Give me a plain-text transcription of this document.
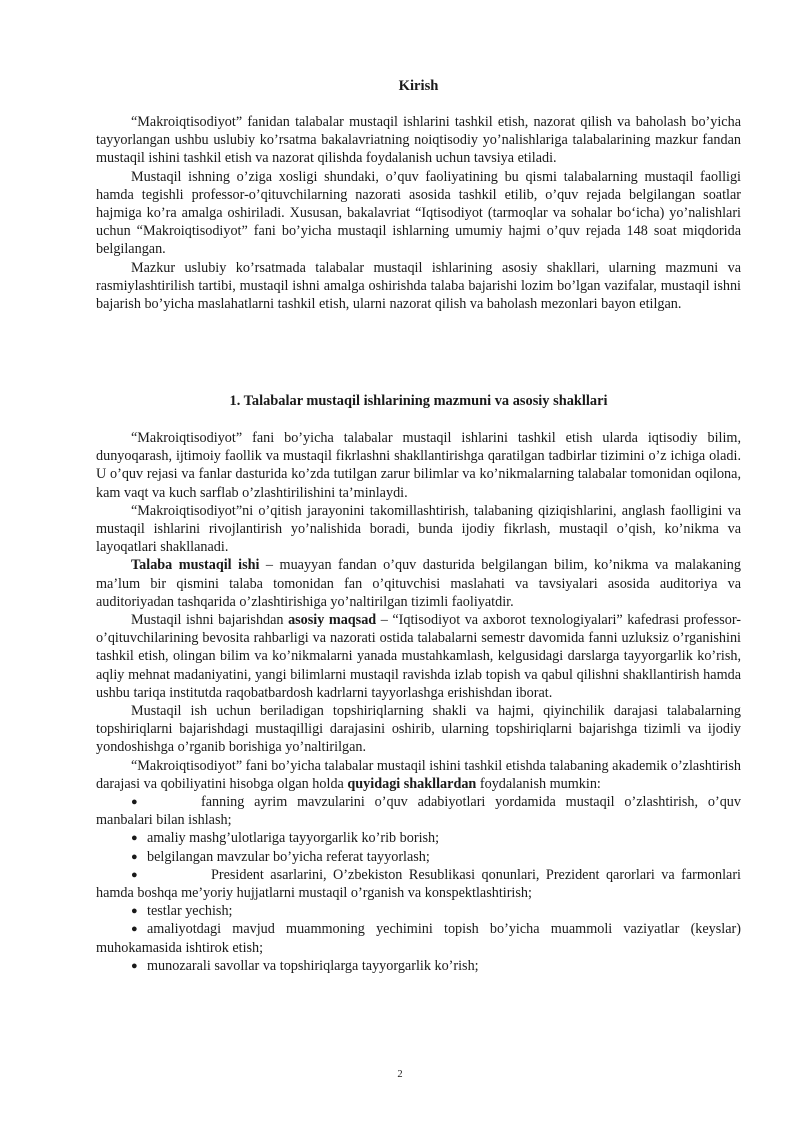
Kirish

“Makroiqtisodiyot” fanidan talabalar mustaqil ishlarini tashkil etish, nazorat qilish va baholash bo’yicha tayyorlangan ushbu uslubiy ko’rsatma bakalavriatning noiqtisodiy yo’nalishlariga talabalarining mazkur fandan mustaqil ishini tashkil etish va nazorat qilishda foydalanish uchun tavsiya etiladi.

Mustaqil ishning o’ziga xosligi shundaki, o’quv faoliyatining bu qismi talabalarning mustaqil faolligi hamda tegishli professor-o’qituvchilarning nazorati asosida tashkil etilib, o’quv rejada belgilangan soatlar hajmiga ko’ra amalga oshiriladi. Xususan, bakalavriat “Iqtisodiyot (tarmoqlar va sohalar bo‘icha) yo’nalishlari uchun “Makroiqtisodiyot” fani bo’yicha mustaqil ishlarning umumiy hajmi o’quv rejada 148 soat miqdorida belgilangan.

Mazkur uslubiy ko’rsatmada talabalar mustaqil ishlarining asosiy shakllari, ularning mazmuni va rasmiylashtirilish tartibi, mustaqil ishni amalga oshirishda talaba bajarishi lozim bo’lgan vazifalar, mustaqil ishni bajarish bo’yicha maslahatlarni tashkil etish, ularni nazorat qilish va baholash mezonlari bayon etilgan.

1. Talabalar mustaqil ishlarining mazmuni va asosiy shakllari

“Makroiqtisodiyot” fani bo’yicha talabalar mustaqil ishlarini tashkil etish ularda iqtisodiy bilim, dunyoqarash, ijtimoiy faollik va mustaqil fikrlashni shakllantirishga qaratilgan tadbirlar tizimini o’z ichiga oladi. U o’quv rejasi va fanlar dasturida ko’zda tutilgan zarur bilimlar va ko’nikmalarning talabalar tomonidan oqilona, kam vaqt va kuch sarflab o’zlashtirilishini ta’minlaydi.

“Makroiqtisodiyot”ni o’qitish jarayonini takomillashtirish, talabaning qiziqishlarini, anglash faolligini va mustaqil ishlarini rivojlantirish yo’nalishida boradi, bunda ijodiy fikrlash, mustaqil o’qish, ko’nikma va layoqatlari shakllanadi.

Talaba mustaqil ishi – muayyan fandan o’quv dasturida belgilangan bilim, ko’nikma va malakaning ma’lum bir qismini talaba tomonidan fan o’qituvchisi maslahati va tavsiyalari asosida auditoriya va auditoriyadan tashqarida o’zlashtirishiga yo’naltirilgan tizimli faoliyatdir.

Mustaqil ishni bajarishdan asosiy maqsad – “Iqtisodiyot va axborot texnologiyalari” kafedrasi professor-o’qituvchilarining bevosita rahbarligi va nazorati ostida talabalarni semestr davomida fanni uzluksiz o’rganishini tashkil etish, olingan bilim va ko’nikmalarni yanada mustahkamlash, kelgusidagi darslarga tayyorgarlik ko’rish, aqliy mehnat madaniyatini, yangi bilimlarni mustaqil ravishda izlab topish va qabul qilishni shakllantirish hamda ushbu tariqa institutda raqobatbardosh kadrlarni tayyorlashga erishishdan iborat.

Mustaqil ish uchun beriladigan topshiriqlarning shakli va hajmi, qiyinchilik darajasi talabalarning topshiriqlarni bajarishdagi mustaqilligi darajasini oshirib, ularning topshiriqlarni bajarishga tizimli va ijodiy yondoshishga o’rganib borishiga yo’naltirilgan.

“Makroiqtisodiyot” fani bo’yicha talabalar mustaqil ishini tashkil etishda talabaning akademik o’zlashtirish darajasi va qobiliyatini hisobga olgan holda quyidagi shakllardan foydalanish mumkin:

●	fanning ayrim mavzularini o’quv adabiyotlari yordamida mustaqil o’zlashtirish, o’quv manbalari bilan ishlash;
● amaliy mashg’ulotlariga tayyorgarlik ko’rib borish;
● belgilangan mavzular bo’yicha referat tayyorlash;
●	President asarlarini, O’zbekiston Resublikasi qonunlari, Prezident qarorlari va farmonlari hamda boshqa me’yoriy hujjatlarni mustaqil o’rganish va konspektlashtirish;
● testlar yechish;
● amaliyotdagi mavjud muammoning yechimini topish bo’yicha muammoli vaziyatlar (keyslar) muhokamasida ishtirok etish;
● munozarali savollar va topshiriqlarga tayyorgarlik ko’rish;
2
